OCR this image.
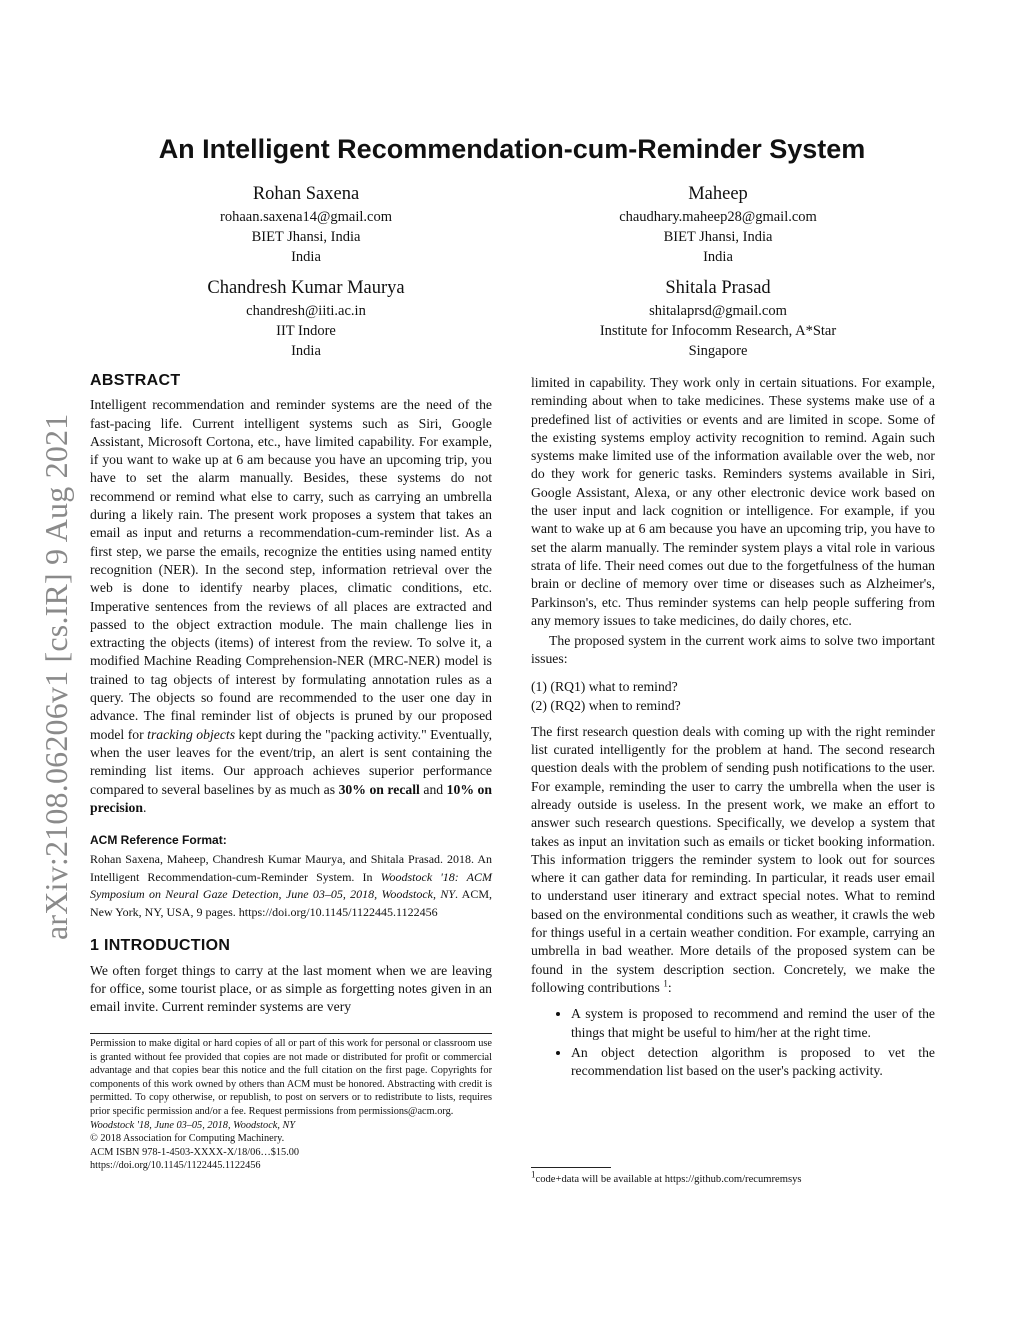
arXiv:2108.06206v1 [cs.IR] 9 Aug 2021
An Intelligent Recommendation-cum-Reminder System
Rohan Saxena
rohaan.saxena14@gmail.com
BIET Jhansi, India
India
Maheep
chaudhary.maheep28@gmail.com
BIET Jhansi, India
India
Chandresh Kumar Maurya
chandresh@iiti.ac.in
IIT Indore
India
Shitala Prasad
shitalaprsd@gmail.com
Institute for Infocomm Research, A*Star
Singapore
ABSTRACT

Intelligent recommendation and reminder systems are the need of the fast-pacing life. Current intelligent systems such as Siri, Google Assistant, Microsoft Cortona, etc., have limited capability. For example, if you want to wake up at 6 am because you have an upcoming trip, you have to set the alarm manually. Besides, these systems do not recommend or remind what else to carry, such as carrying an umbrella during a likely rain. The present work proposes a system that takes an email as input and returns a recommendation-cum-reminder list. As a first step, we parse the emails, recognize the entities using named entity recognition (NER). In the second step, information retrieval over the web is done to identify nearby places, climatic conditions, etc. Imperative sentences from the reviews of all places are extracted and passed to the object extraction module. The main challenge lies in extracting the objects (items) of interest from the review. To solve it, a modified Machine Reading Comprehension-NER (MRC-NER) model is trained to tag objects of interest by formulating annotation rules as a query. The objects so found are recommended to the user one day in advance. The final reminder list of objects is pruned by our proposed model for tracking objects kept during the "packing activity." Eventually, when the user leaves for the event/trip, an alert is sent containing the reminding list items. Our approach achieves superior performance compared to several baselines by as much as 30% on recall and 10% on precision.

ACM Reference Format:

Rohan Saxena, Maheep, Chandresh Kumar Maurya, and Shitala Prasad. 2018. An Intelligent Recommendation-cum-Reminder System. In Woodstock '18: ACM Symposium on Neural Gaze Detection, June 03–05, 2018, Woodstock, NY. ACM, New York, NY, USA, 9 pages. https://doi.org/10.1145/1122445.1122456

1 INTRODUCTION

We often forget things to carry at the last moment when we are leaving for office, some tourist place, or as simple as forgetting notes given in an email invite. Current reminder systems are very

Permission to make digital or hard copies of all or part of this work for personal or classroom use is granted without fee provided that copies are not made or distributed for profit or commercial advantage and that copies bear this notice and the full citation on the first page. Copyrights for components of this work owned by others than ACM must be honored. Abstracting with credit is permitted. To copy otherwise, or republish, to post on servers or to redistribute to lists, requires prior specific permission and/or a fee. Request permissions from permissions@acm.org.
Woodstock '18, June 03–05, 2018, Woodstock, NY
© 2018 Association for Computing Machinery.
ACM ISBN 978-1-4503-XXXX-X/18/06…$15.00
https://doi.org/10.1145/1122445.1122456

limited in capability. They work only in certain situations. For example, reminding about when to take medicines. These systems make use of a predefined list of activities or events and are limited in scope. Some of the existing systems employ activity recognition to remind. Again such systems make limited use of the information available over the web, nor do they work for generic tasks. Reminders systems available in Siri, Google Assistant, Alexa, or any other electronic device work based on the user input and lack cognition or intelligence. For example, if you want to wake up at 6 am because you have an upcoming trip, you have to set the alarm manually. The reminder system plays a vital role in various strata of life. Their need comes out due to the forgetfulness of the human brain or decline of memory over time or diseases such as Alzheimer's, Parkinson's, etc. Thus reminder systems can help people suffering from any memory issues to take medicines, do daily chores, etc.

The proposed system in the current work aims to solve two important issues:

(1) (RQ1) what to remind?
(2) (RQ2) when to remind?

The first research question deals with coming up with the right reminder list curated intelligently for the problem at hand. The second research question deals with the problem of sending push notifications to the user. For example, reminding the user to carry the umbrella when the user is already outside is useless. In the present work, we make an effort to answer such research questions. Specifically, we develop a system that takes as input an invitation such as emails or ticket booking information. This information triggers the reminder system to look out for sources where it can gather data for reminding. In particular, it reads user email to understand user itinerary and extract special notes. What to remind based on the environmental conditions such as weather, it crawls the web for things useful in a certain weather condition. For example, carrying an umbrella in bad weather. More details of the proposed system can be found in the system description section. Concretely, we make the following contributions $^1$:

• A system is proposed to recommend and remind the user of the things that might be useful to him/her at the right time.
• An object detection algorithm is proposed to vet the recommendation list based on the user's packing activity.
$^1$code+data will be available at https://github.com/recumremsys
